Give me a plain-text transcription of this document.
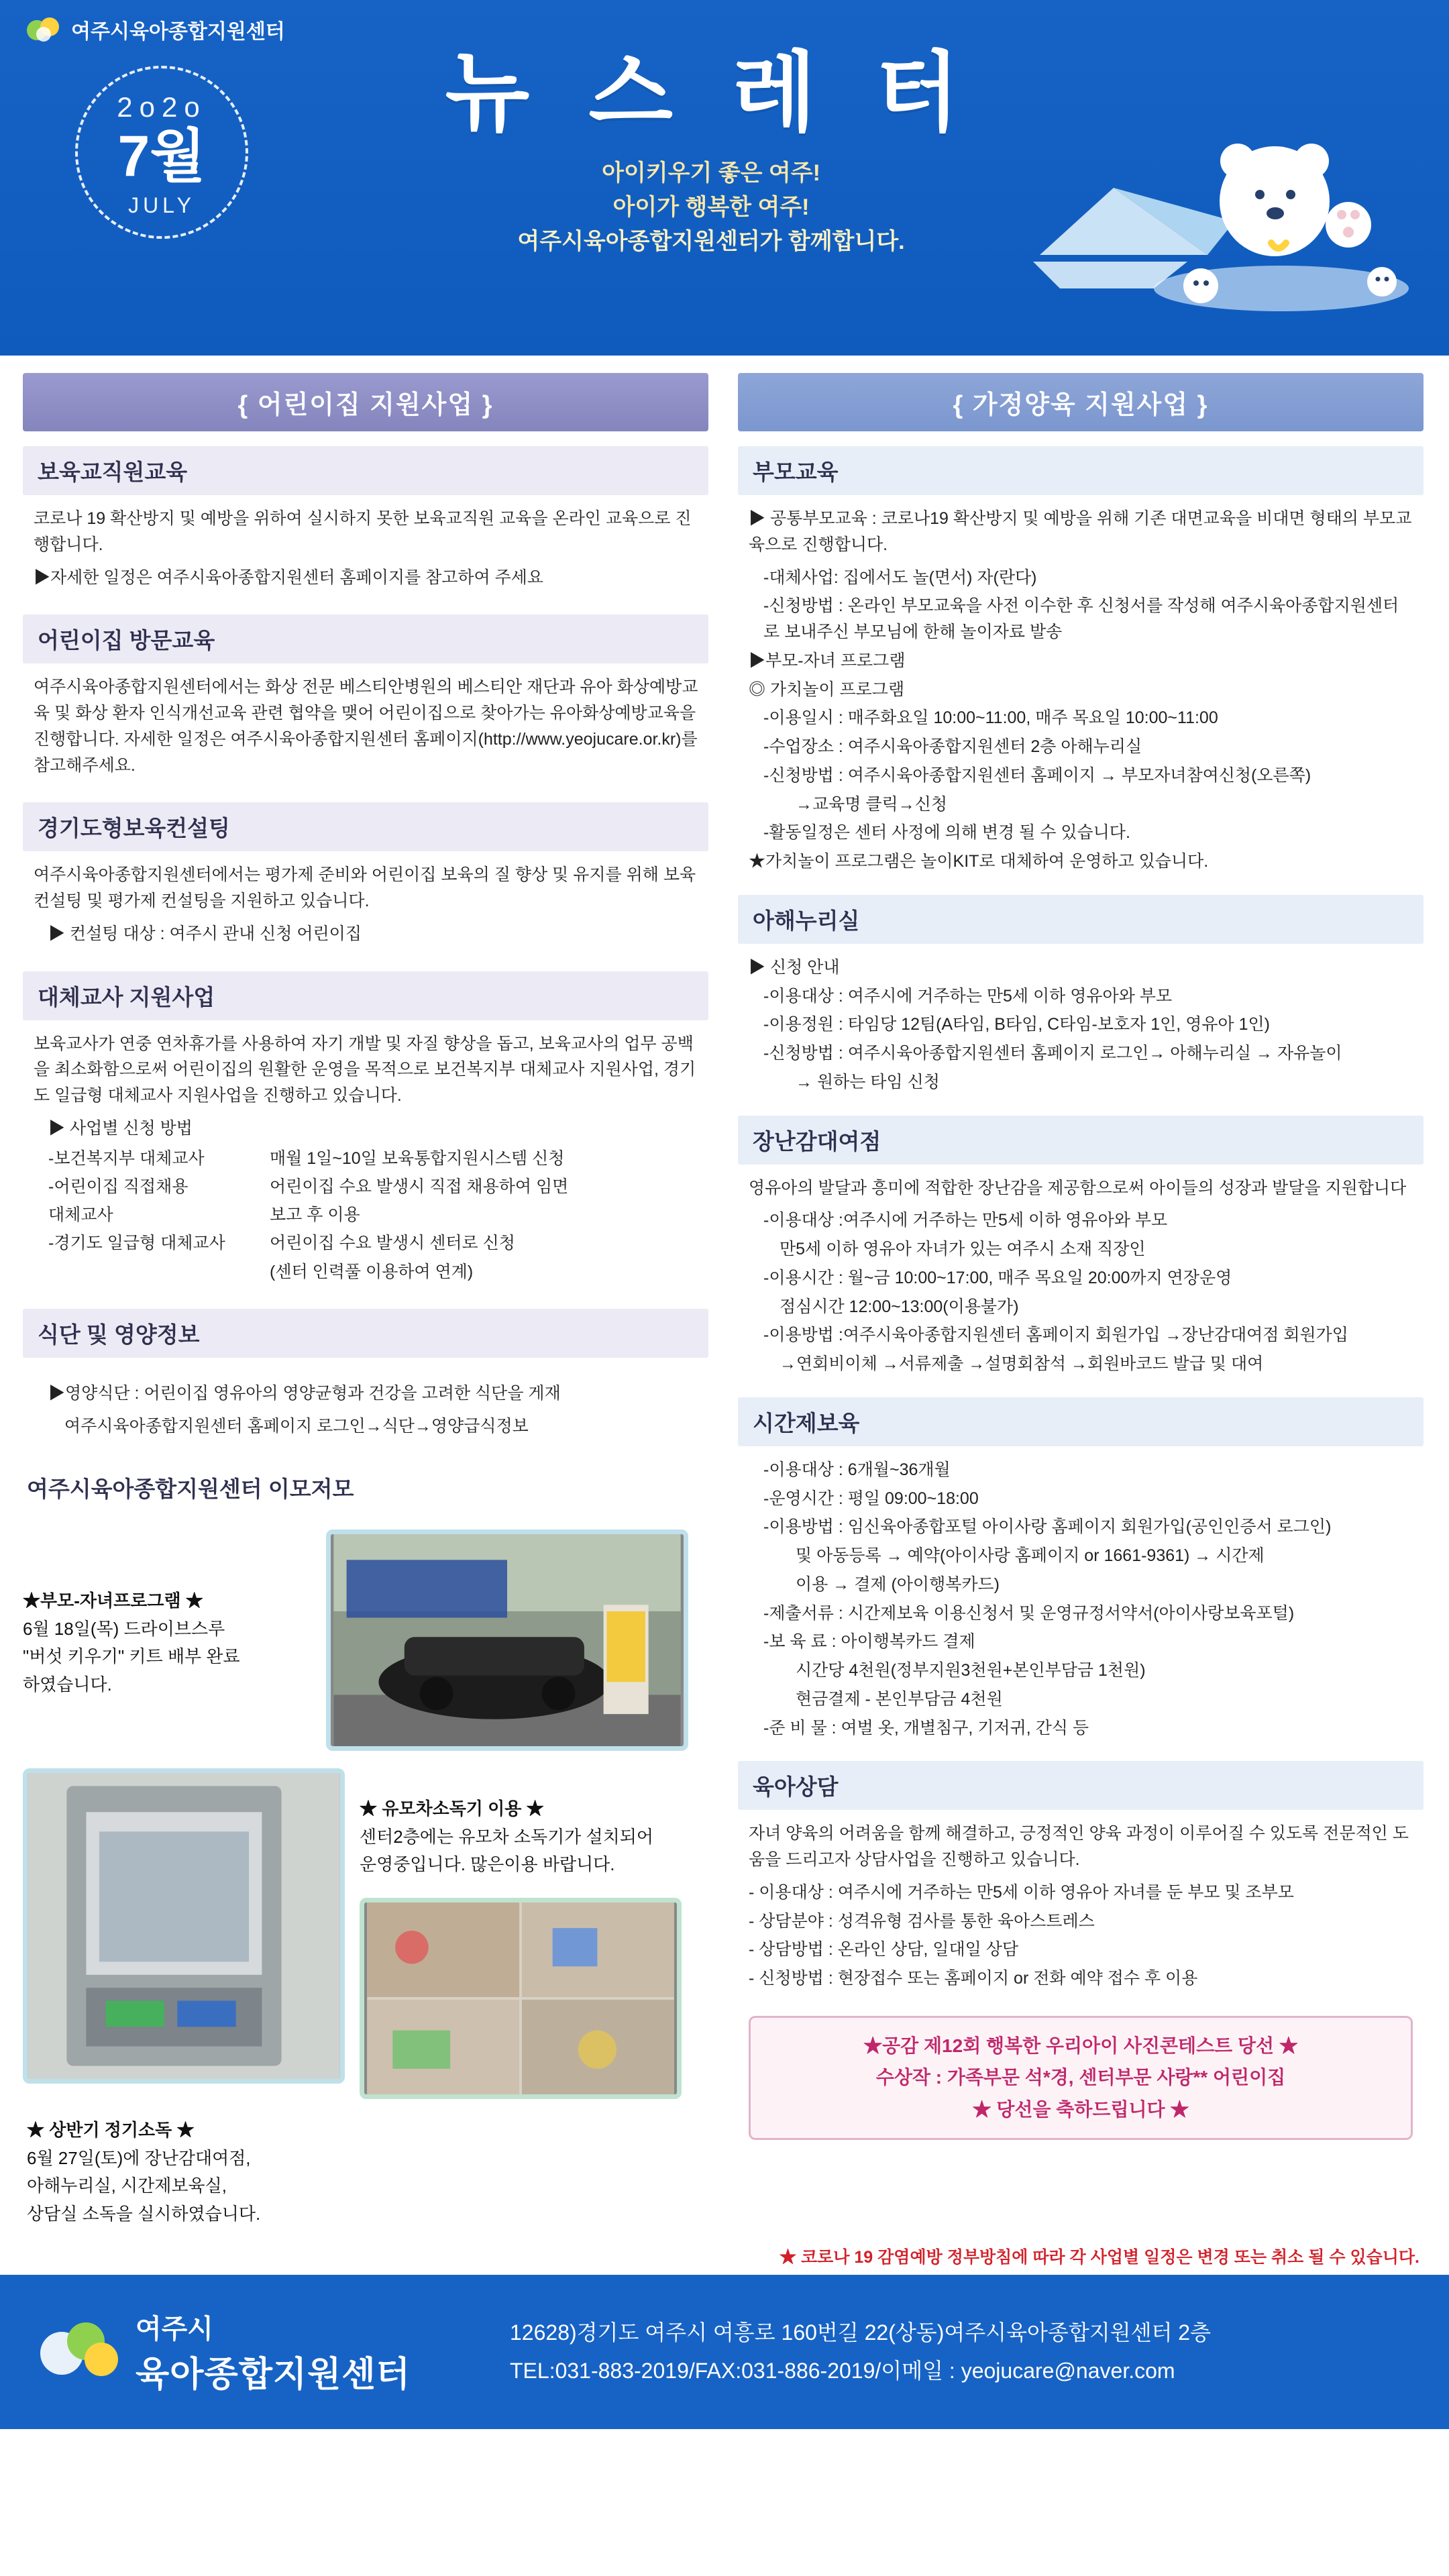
여주시육아종합지원센터
2o2o
7월
JULY
뉴 스 레 터
아이키우기 좋은 여주!
아이가 행복한 여주!
여주시육아종합지원센터가 함께합니다.
{ 어린이집 지원사업 }
보육교직원교육

코로나 19 확산방지 및 예방을 위하여 실시하지 못한 보육교직원 교육을 온라인 교육으로 진행합니다.

▶자세한 일정은 여주시육아종합지원센터 홈페이지를 참고하여 주세요

어린이집 방문교육

여주시육아종합지원센터에서는 화상 전문 베스티안병원의 베스티안 재단과 유아 화상예방교육 및 화상 환자 인식개선교육 관련 협약을 맺어 어린이집으로 찾아가는 유아화상예방교육을 진행합니다. 자세한 일정은 여주시육아종합지원센터 홈페이지(http://www.yeojucare.or.kr)를 참고해주세요.

경기도형보육컨설팅

여주시육아종합지원센터에서는 평가제 준비와 어린이집 보육의 질 향상 및 유지를 위해 보육컨설팅 및 평가제 컨설팅을 지원하고 있습니다.

▶ 컨설팅 대상 : 여주시 관내 신청 어린이집

대체교사 지원사업

보육교사가 연중 연차휴가를 사용하여 자기 개발 및 자질 향상을 돕고, 보육교사의 업무 공백을 최소화함으로써 어린이집의 원활한 운영을 목적으로 보건복지부 대체교사 지원사업, 경기도 일급형 대체교사 지원사업을 진행하고 있습니다.

▶ 사업별 신청 방법

-보건복지부 대체교사	매월 1일~10일 보육통합지원시스템 신청
-어린이집 직접채용	어린이집 수요 발생시 직접 채용하여 임면
대체교사	보고 후 이용
-경기도 일급형 대체교사	어린이집 수요 발생시 센터로 신청
	(센터 인력풀 이용하여 연계)
식단 및 영양정보

▶영양식단 : 어린이집 영유아의 영양균형과 건강을 고려한 식단을 게재

여주시육아종합지원센터 홈페이지 로그인→식단→영양급식정보

여주시육아종합지원센터 이모저모
★부모-자녀프로그램 ★
6월 18일(목) 드라이브스루
"버섯 키우기" 키트 배부 완료
하였습니다.
★ 유모차소독기 이용 ★
센터2층에는 유모차 소독기가 설치되어
운영중입니다. 많은이용 바랍니다.
★ 상반기 정기소독 ★
6월 27일(토)에 장난감대여점,
아해누리실, 시간제보육실,
상담실 소독을 실시하였습니다.
{ 가정양육 지원사업 }
부모교육

▶ 공통부모교육 : 코로나19 확산방지 및 예방을 위해 기존 대면교육을 비대면 형태의 부모교육으로 진행합니다.

-대체사업: 집에서도 놀(면서) 자(란다)

-신청방법 : 온라인 부모교육을 사전 이수한 후 신청서를 작성해 여주시육아종합지원센터로 보내주신 부모님에 한해 놀이자료 발송

▶부모-자녀 프로그램

◎ 가치놀이 프로그램

-이용일시 : 매주화요일 10:00~11:00, 매주 목요일 10:00~11:00

-수업장소 : 여주시육아종합지원센터 2층 아해누리실

-신청방법 : 여주시육아종합지원센터 홈페이지 → 부모자녀참여신청(오른쪽)

→교육명 클릭→신청

-활동일정은 센터 사정에 의해 변경 될 수 있습니다.

★가치놀이 프로그램은 놀이KIT로 대체하여 운영하고 있습니다.

아해누리실

▶ 신청 안내

-이용대상 : 여주시에 거주하는 만5세 이하 영유아와 부모

-이용정원 : 타임당 12팀(A타임, B타임, C타임-보호자 1인, 영유아 1인)

-신청방법 : 여주시육아종합지원센터 홈페이지 로그인→ 아해누리실 → 자유놀이

→ 원하는 타임 신청

장난감대여점

영유아의 발달과 흥미에 적합한 장난감을 제공함으로써 아이들의 성장과 발달을 지원합니다

-이용대상 :여주시에 거주하는 만5세 이하 영유아와 부모

만5세 이하 영유아 자녀가 있는 여주시 소재 직장인

-이용시간 : 월~금 10:00~17:00, 매주 목요일 20:00까지 연장운영

점심시간 12:00~13:00(이용불가)

-이용방법 :여주시육아종합지원센터 홈페이지 회원가입 →장난감대여점 회원가입

→연회비이체 →서류제출 →설명회참석 →회원바코드 발급 및 대여

시간제보육

-이용대상 : 6개월~36개월

-운영시간 : 평일 09:00~18:00

-이용방법 : 임신육아종합포털 아이사랑 홈페이지 회원가입(공인인증서 로그인)

및 아동등록 → 예약(아이사랑 홈페이지 or 1661-9361) → 시간제

이용 → 결제 (아이행복카드)

-제출서류 : 시간제보육 이용신청서 및 운영규정서약서(아이사랑보육포털)

-보 육 료 : 아이행복카드 결제

시간당 4천원(정부지원3천원+본인부담금 1천원)

현금결제 - 본인부담금 4천원

-준 비 물 : 여벌 옷, 개별침구, 기저귀, 간식 등

육아상담

자녀 양육의 어려움을 함께 해결하고, 긍정적인 양육 과정이 이루어질 수 있도록 전문적인 도움을 드리고자 상담사업을 진행하고 있습니다.

- 이용대상 : 여주시에 거주하는 만5세 이하 영유아 자녀를 둔 부모 및 조부모

- 상담분야 : 성격유형 검사를 통한 육아스트레스

- 상담방법 : 온라인 상담, 일대일 상담

- 신청방법 : 현장접수 또는 홈페이지 or 전화 예약 접수 후 이용

★공감 제12회 행복한 우리아이 사진콘테스트 당선 ★
수상작 : 가족부문 석*경, 센터부문 사랑** 어린이집
★ 당선을 축하드립니다 ★
★ 코로나 19 감염예방 정부방침에 따라 각 사업별 일정은 변경 또는 취소 될 수 있습니다.
여주시
육아종합지원센터
12628)경기도 여주시 여흥로 160번길 22(상동)여주시육아종합지원센터 2층
TEL:031-883-2019/FAX:031-886-2019/이메일 : yeojucare@naver.com
